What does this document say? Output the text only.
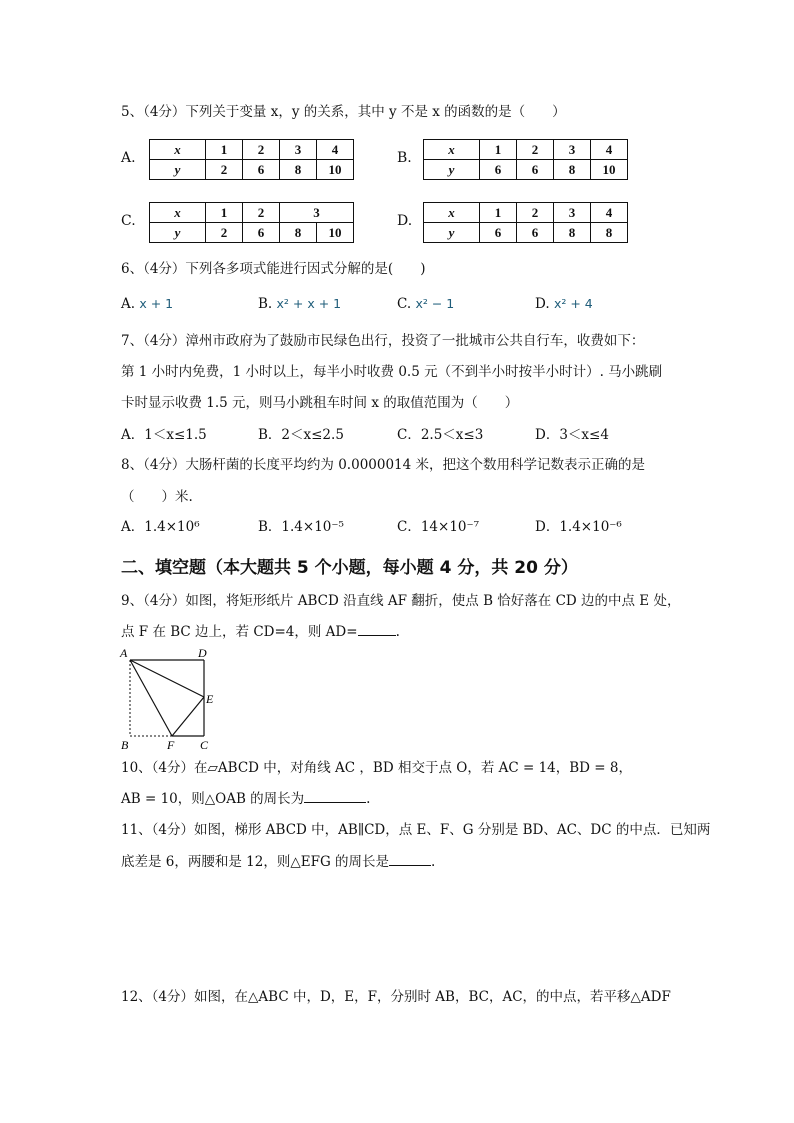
5、（4分）下列关于变量 x，y 的关系，其中 y 不是 x 的函数的是（　　）
A.
x	1	2	3	4
y	2	6	8	10
B.
x	1	2	3	4
y	6	6	8	10
C.
x	1	2	3	
y	2	6	8	10
D.
x	1	2	3	4
y	6	6	8	8
6、（4分）下列各多项式能进行因式分解的是(　　)
A. x + 1	B. x² + x + 1	C. x² − 1	D. x² + 4
7、（4分）漳州市政府为了鼓励市民绿色出行，投资了一批城市公共自行车，收费如下：
第 1 小时内免费，1 小时以上，每半小时收费 0.5 元（不到半小时按半小时计）. 马小跳刷
卡时显示收费 1.5 元，则马小跳租车时间 x 的取值范围为（　　）
A．1＜x≤1.5	B．2＜x≤2.5	C．2.5＜x≤3	D．3＜x≤4
8、（4分）大肠杆菌的长度平均约为 0.0000014 米，把这个数用科学记数表示正确的是
（　　）米.
A．1.4×10⁶	B．1.4×10⁻⁵	C．14×10⁻⁷	D．1.4×10⁻⁶
二、填空题（本大题共 5 个小题，每小题 4 分，共 20 分）
9、（4分）如图，将矩形纸片 ABCD 沿直线 AF 翻折，使点 B 恰好落在 CD 边的中点 E 处，
点 F 在 BC 边上，若 CD=4，则 AD=	.
A	D
E
B	F C
10、（4分）在▱ABCD 中，对角线 AC ，BD 相交于点 O，若 AC = 14，BD = 8，
AB = 10，则△OAB 的周长为	.
11、（4分）如图，梯形 ABCD 中，AB∥CD，点 E、F、G 分别是 BD、AC、DC 的中点．已知两
底差是 6，两腰和是 12，则△EFG 的周长是	.
12、（4分）如图，在△ABC 中，D，E，F，分别时 AB，BC，AC，的中点，若平移△ADF
